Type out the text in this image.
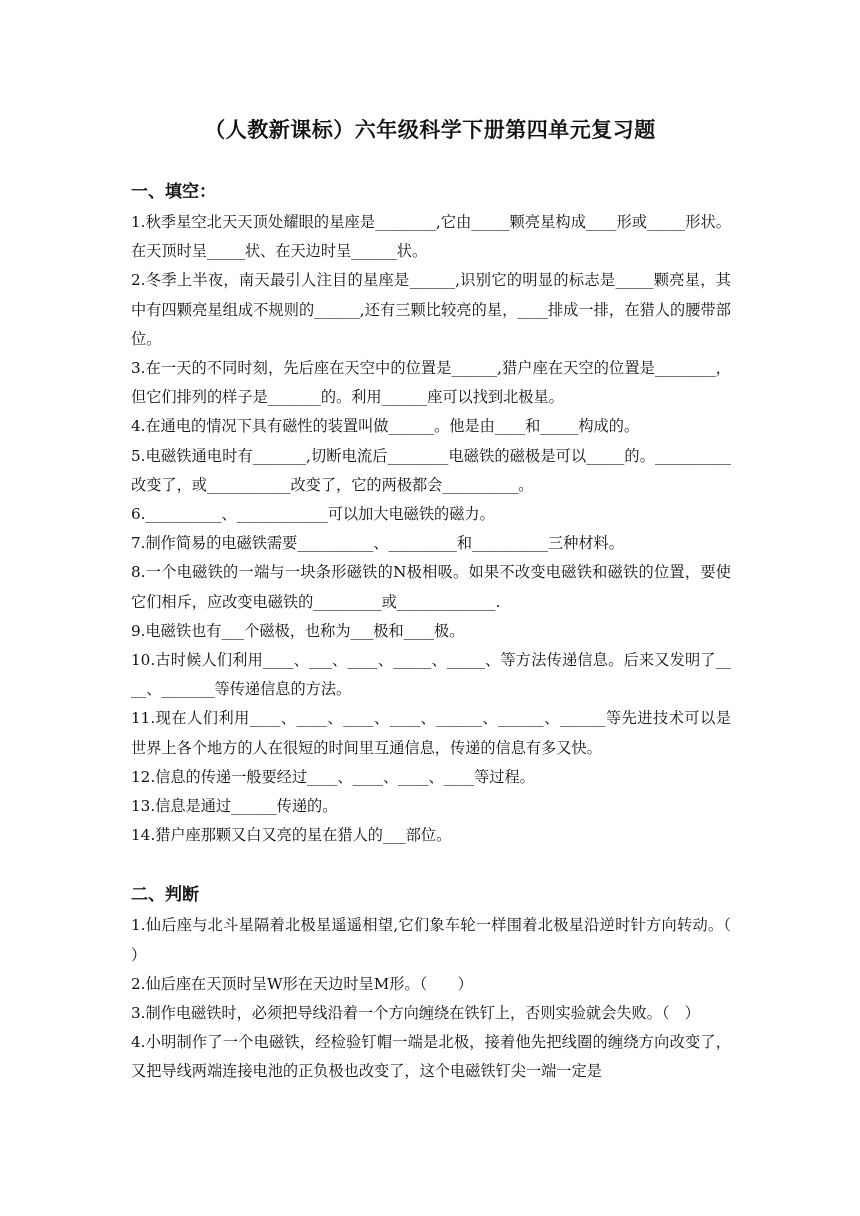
（人教新课标）六年级科学下册第四单元复习题

一、填空：

1.秋季星空北天天顶处耀眼的星座是________,它由_____颗亮星构成____形或_____形状。在天顶时呈_____状、在天边时呈______状。

2.冬季上半夜，南天最引人注目的星座是______,识别它的明显的标志是_____颗亮星，其中有四颗亮星组成不规则的______,还有三颗比较亮的星，____排成一排，在猎人的腰带部位。

3.在一天的不同时刻，先后座在天空中的位置是______,猎户座在天空的位置是________，但它们排列的样子是_______的。利用______座可以找到北极星。

4.在通电的情况下具有磁性的装置叫做______。他是由____和_____构成的。

5.电磁铁通电时有_______,切断电流后________电磁铁的磁极是可以_____的。__________改变了，或___________改变了，它的两极都会__________。

6.__________、____________可以加大电磁铁的磁力。

7.制作简易的电磁铁需要__________、_________和__________三种材料。

8.一个电磁铁的一端与一块条形磁铁的N极相吸。如果不改变电磁铁和磁铁的位置，要使它们相斥，应改变电磁铁的_________或_____________.

9.电磁铁也有___个磁极，也称为___极和____极。

10.古时候人们利用____、___、____、_____、_____、等方法传递信息。后来又发明了____、_______等传递信息的方法。

11.现在人们利用____、____、____、____、______、______、______等先进技术可以是世界上各个地方的人在很短的时间里互通信息，传递的信息有多又快。

12.信息的传递一般要经过____、____、____、____等过程。

13.信息是通过______传递的。

14.猎户座那颗又白又亮的星在猎人的___部位。

二、判断

1.仙后座与北斗星隔着北极星遥遥相望,它们象车轮一样围着北极星沿逆时针方向转动。（　　）

2.仙后座在天顶时呈W形在天边时呈M形。（　　）

3.制作电磁铁时，必须把导线沿着一个方向缠绕在铁钉上，否则实验就会失败。（　）

4.小明制作了一个电磁铁，经检验钉帽一端是北极，接着他先把线圈的缠绕方向改变了，又把导线两端连接电池的正负极也改变了，这个电磁铁钉尖一端一定是
